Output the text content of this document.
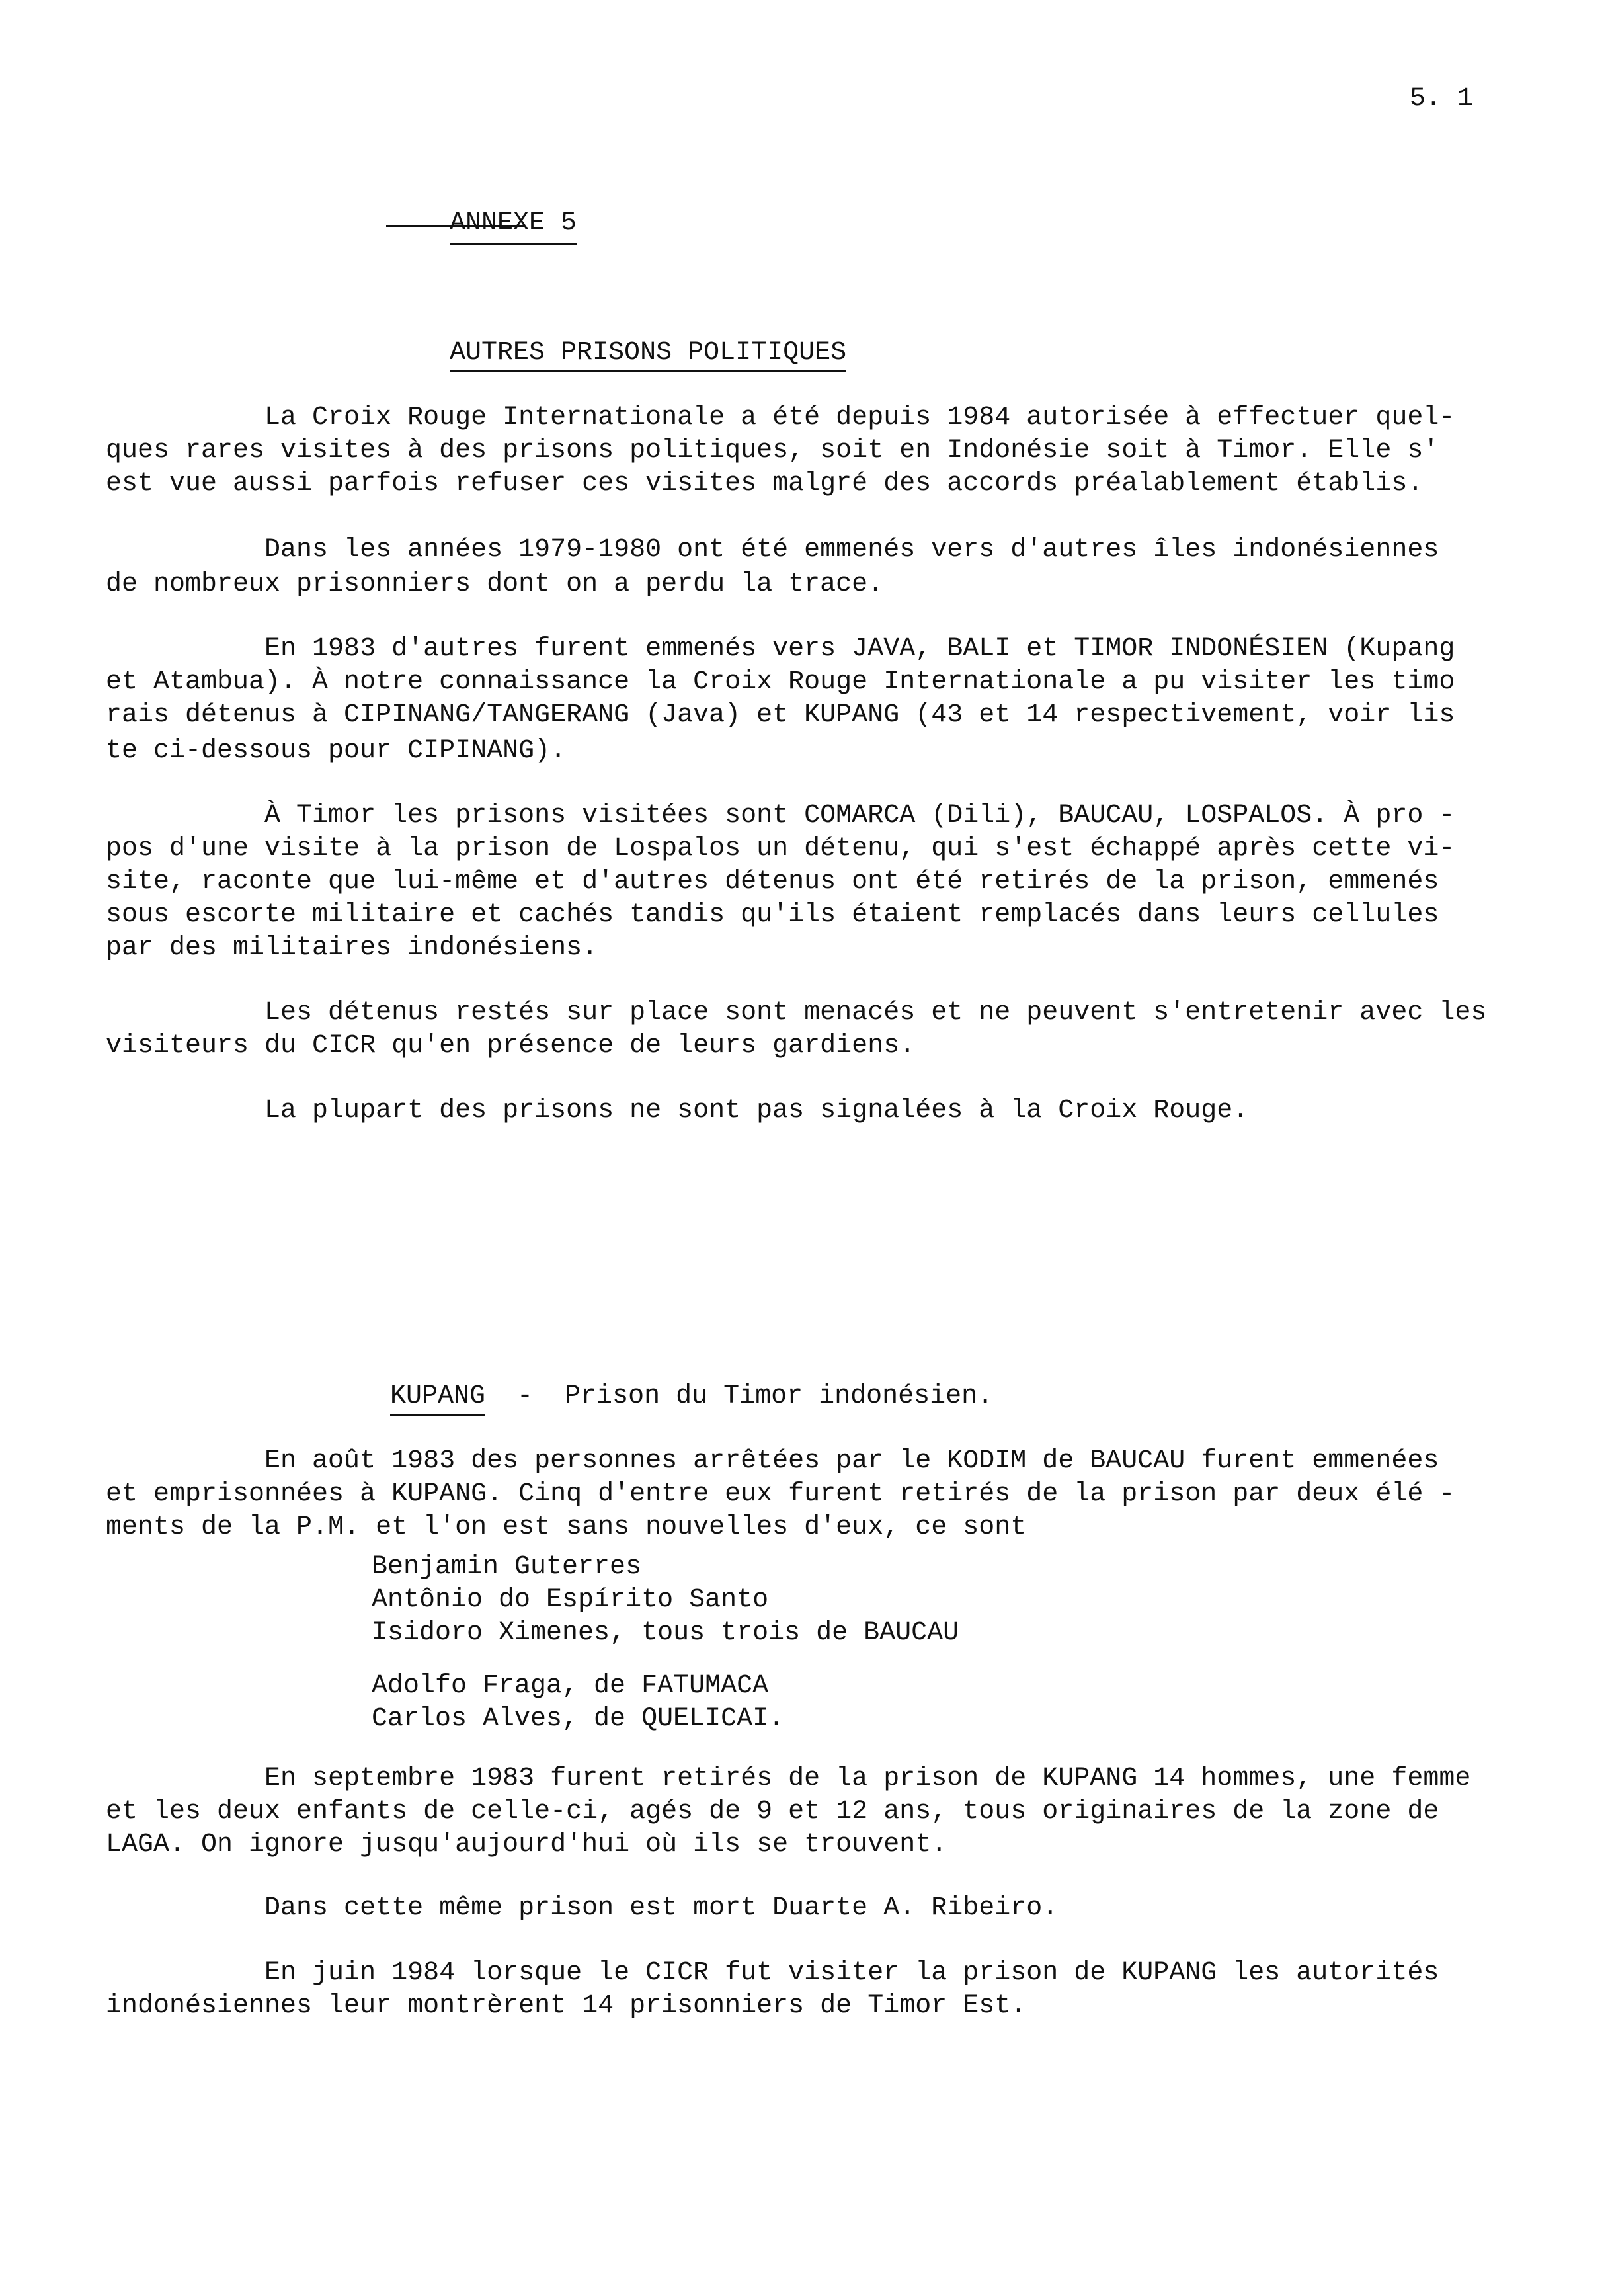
5. 1

ANNEXE 5

AUTRES PRISONS POLITIQUES

La Croix Rouge Internationale a été depuis 1984 autorisée à effectuer quel-
ques rares visites à des prisons politiques, soit en Indonésie soit à Timor. Elle s'
est vue aussi parfois refuser ces visites malgré des accords préalablement établis.
Dans les années 1979-1980 ont été emmenés vers d'autres îles indonésiennes
de nombreux prisonniers dont on a perdu la trace.
En 1983 d'autres furent emmenés vers JAVA, BALI et TIMOR INDONÉSIEN (Kupang
et Atambua). À notre connaissance la Croix Rouge Internationale a pu visiter les timo
rais détenus à CIPINANG/TANGERANG (Java) et KUPANG (43 et 14 respectivement, voir lis
te ci-dessous pour CIPINANG).
À Timor les prisons visitées sont COMARCA (Dili), BAUCAU, LOSPALOS. À pro -
pos d'une visite à la prison de Lospalos un détenu, qui s'est échappé après cette vi-
site, raconte que lui-même et d'autres détenus ont été retirés de la prison, emmenés
sous escorte militaire et cachés tandis qu'ils étaient remplacés dans leurs cellules
par des militaires indonésiens.
Les détenus restés sur place sont menacés et ne peuvent s'entretenir avec les
visiteurs du CICR qu'en présence de leurs gardiens.
La plupart des prisons ne sont pas signalées à la Croix Rouge.
KUPANG  -  Prison du Timor indonésien.
En août 1983 des personnes arrêtées par le KODIM de BAUCAU furent emmenées
et emprisonnées à KUPANG. Cinq d'entre eux furent retirés de la prison par deux élé -
ments de la P.M. et l'on est sans nouvelles d'eux, ce sont
Benjamin Guterres
Antônio do Espírito Santo
Isidoro Ximenes, tous trois de BAUCAU
Adolfo Fraga, de FATUMACA
Carlos Alves, de QUELICAI.
En septembre 1983 furent retirés de la prison de KUPANG 14 hommes, une femme
et les deux enfants de celle-ci, agés de 9 et 12 ans, tous originaires de la zone de
LAGA. On ignore jusqu'aujourd'hui où ils se trouvent.
Dans cette même prison est mort Duarte A. Ribeiro.
En juin 1984 lorsque le CICR fut visiter la prison de KUPANG les autorités
indonésiennes leur montrèrent 14 prisonniers de Timor Est.
